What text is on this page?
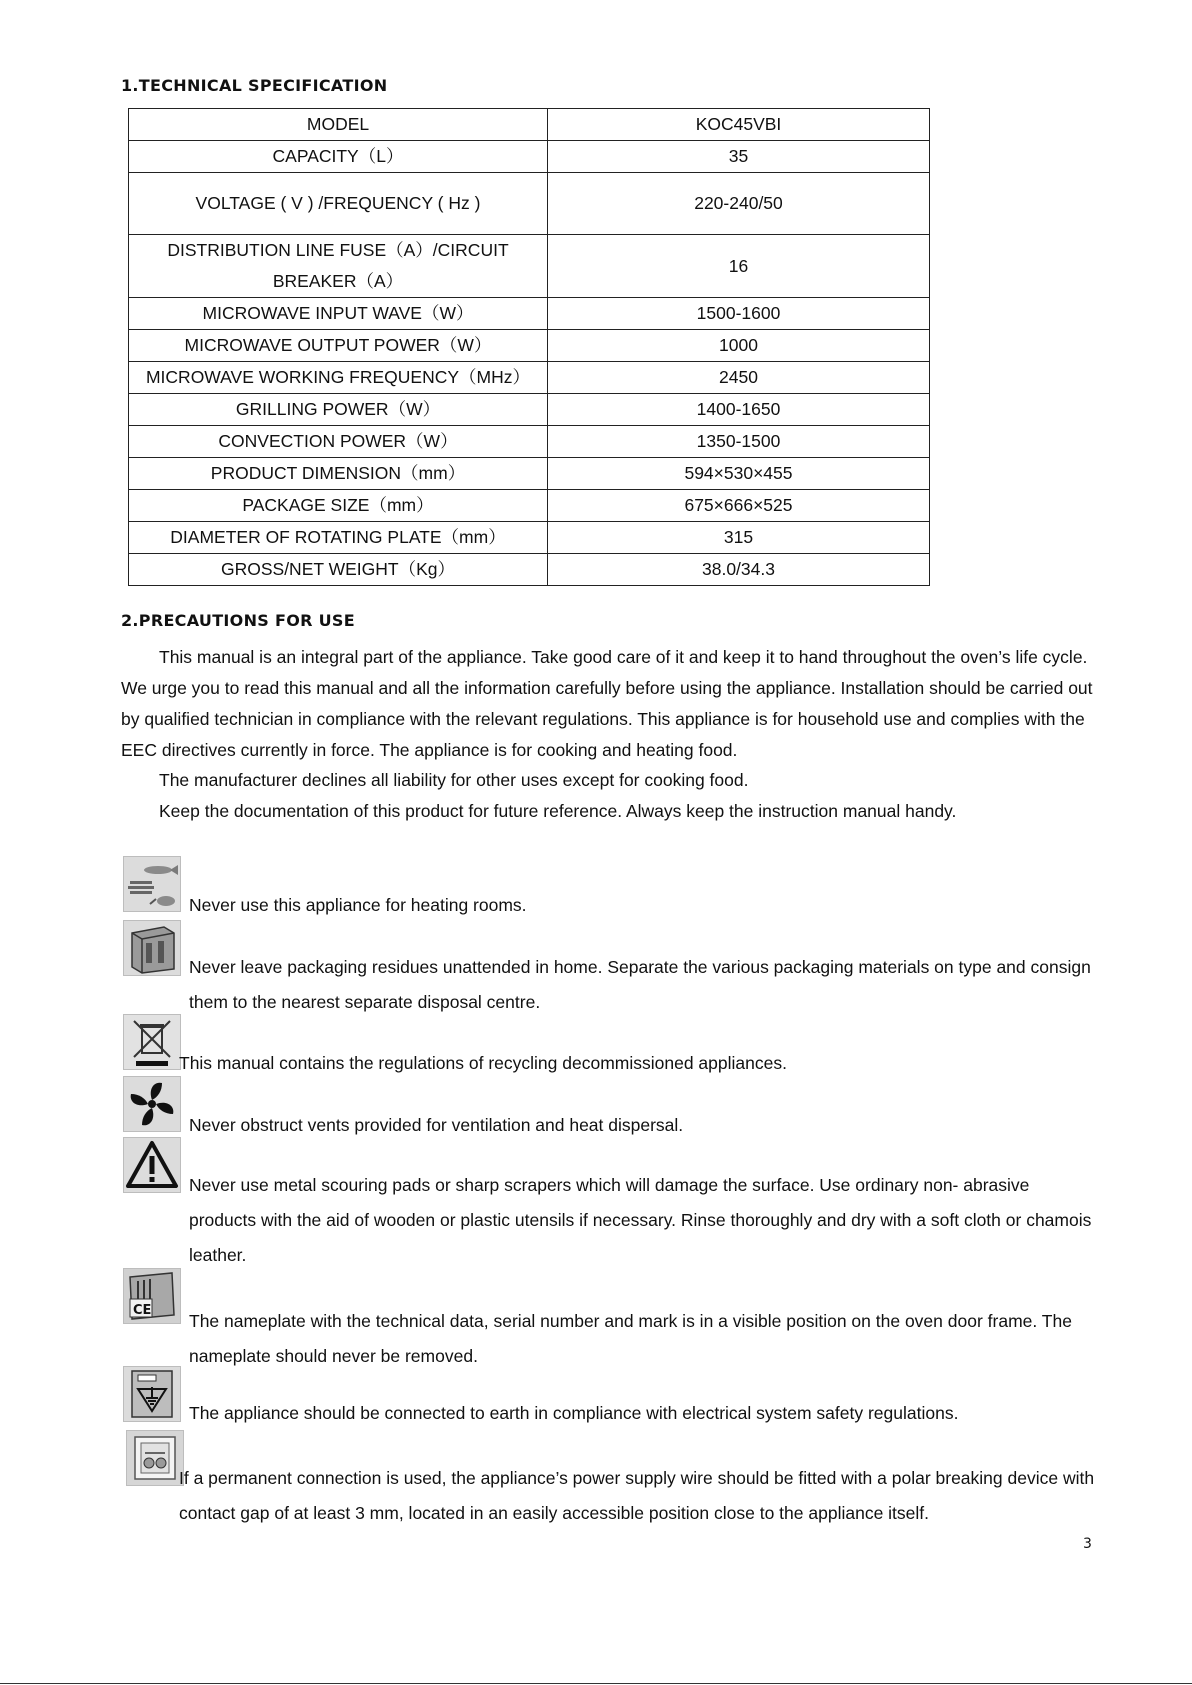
1.TECHNICAL SPECIFICATION
MODEL	KOC45VBI
CAPACITY（L）	35
VOLTAGE ( V ) /FREQUENCY ( Hz )	220-240/50
DISTRIBUTION LINE FUSE（A）/CIRCUIT BREAKER（A）	16
MICROWAVE INPUT WAVE（W）	1500-1600
MICROWAVE OUTPUT POWER（W）	1000
MICROWAVE WORKING FREQUENCY（MHz）	2450
GRILLING POWER（W）	1400-1650
CONVECTION POWER（W）	1350-1500
PRODUCT DIMENSION（mm）	594×530×455
PACKAGE SIZE（mm）	675×666×525
DIAMETER OF ROTATING PLATE（mm）	315
GROSS/NET WEIGHT（Kg）	38.0/34.3
2.PRECAUTIONS FOR USE
This manual is an integral part of the appliance. Take good care of it and keep it to hand throughout the oven’s life cycle. We urge you to read this manual and all the information carefully before using the appliance. Installation should be carried out by qualified technician in compliance with the relevant regulations. This appliance is for household use and complies with the EEC directives currently in force. The appliance is for cooking and heating food.
The manufacturer declines all liability for other uses except for cooking food.
Keep the documentation of this product for future reference. Always keep the instruction manual handy.
Never use this appliance for heating rooms.
Never leave packaging residues unattended in home. Separate the various packaging materials on type and consign them to the nearest separate disposal centre.
This manual contains the regulations of recycling decommissioned appliances.
Never obstruct vents provided for ventilation and heat dispersal.
Never use metal scouring pads or sharp scrapers which will damage the surface. Use ordinary non- abrasive products with the aid of wooden or plastic utensils if necessary. Rinse thoroughly and dry with a soft cloth or chamois leather.
CE
The nameplate with the technical data, serial number and mark is in a visible position on the oven door frame. The nameplate should never be removed.
The appliance should be connected to earth in compliance with electrical system safety regulations.
If a permanent connection is used, the appliance’s power supply wire should be fitted with a polar breaking device with contact gap of at least 3 mm, located in an easily accessible position close to the appliance itself.
3
